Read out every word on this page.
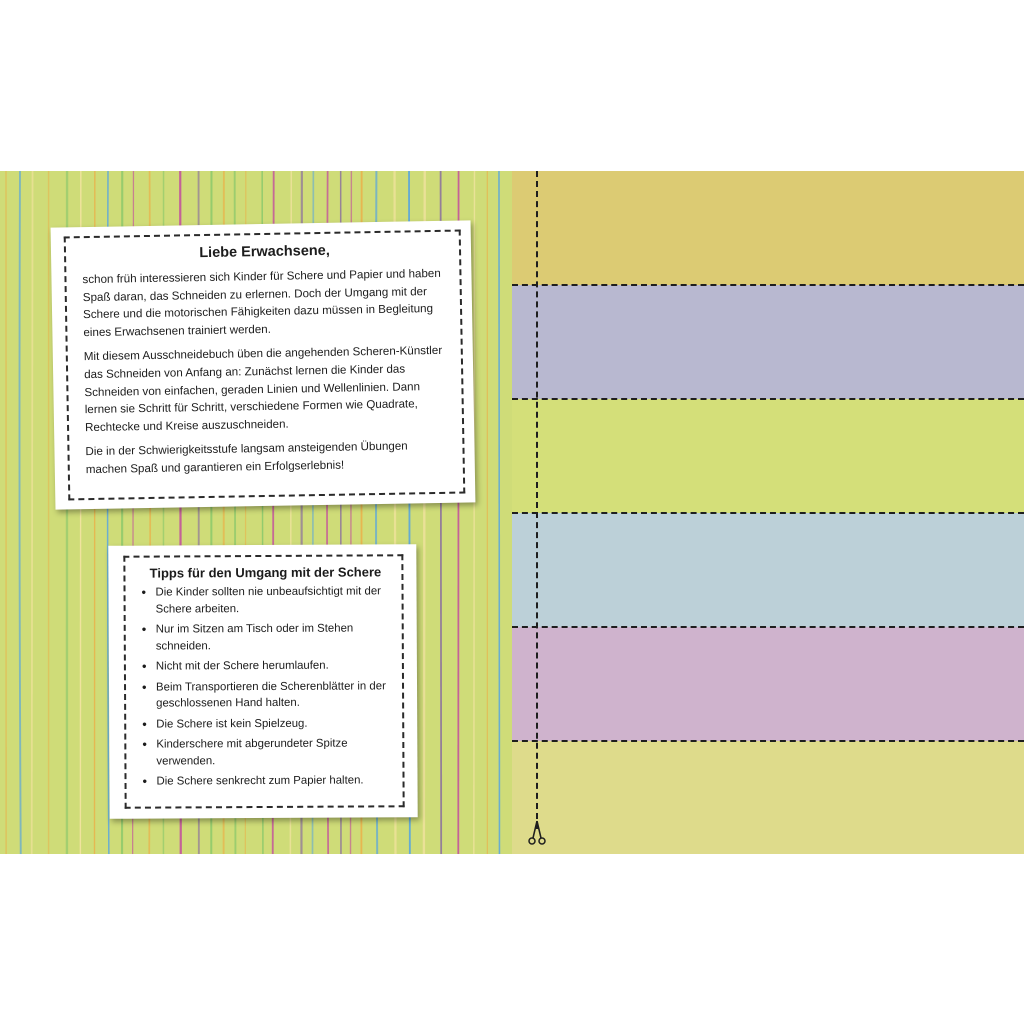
Liebe Erwachsene,

schon früh interessieren sich Kinder für Schere und Papier und haben Spaß daran, das Schneiden zu erlernen. Doch der Umgang mit der Schere und die motorischen Fähigkeiten dazu müssen in Begleitung eines Erwachsenen trainiert werden.

Mit diesem Ausschneidebuch üben die angehenden Scheren-Künstler das Schneiden von Anfang an: Zunächst lernen die Kinder das Schneiden von einfachen, geraden Linien und Wellenlinien. Dann lernen sie Schritt für Schritt, verschiedene Formen wie Quadrate, Rechtecke und Kreise auszuschneiden.

Die in der Schwierigkeitsstufe langsam ansteigenden Übungen machen Spaß und garantieren ein Erfolgserlebnis!

Tipps für den Umgang mit der Schere
• Die Kinder sollten nie unbeaufsichtigt mit der Schere arbeiten.
• Nur im Sitzen am Tisch oder im Stehen schneiden.
• Nicht mit der Schere herumlaufen.
• Beim Transportieren die Scherenblätter in der geschlossenen Hand halten.
• Die Schere ist kein Spielzeug.
• Kinderschere mit abgerundeter Spitze verwenden.
• Die Schere senkrecht zum Papier halten.
